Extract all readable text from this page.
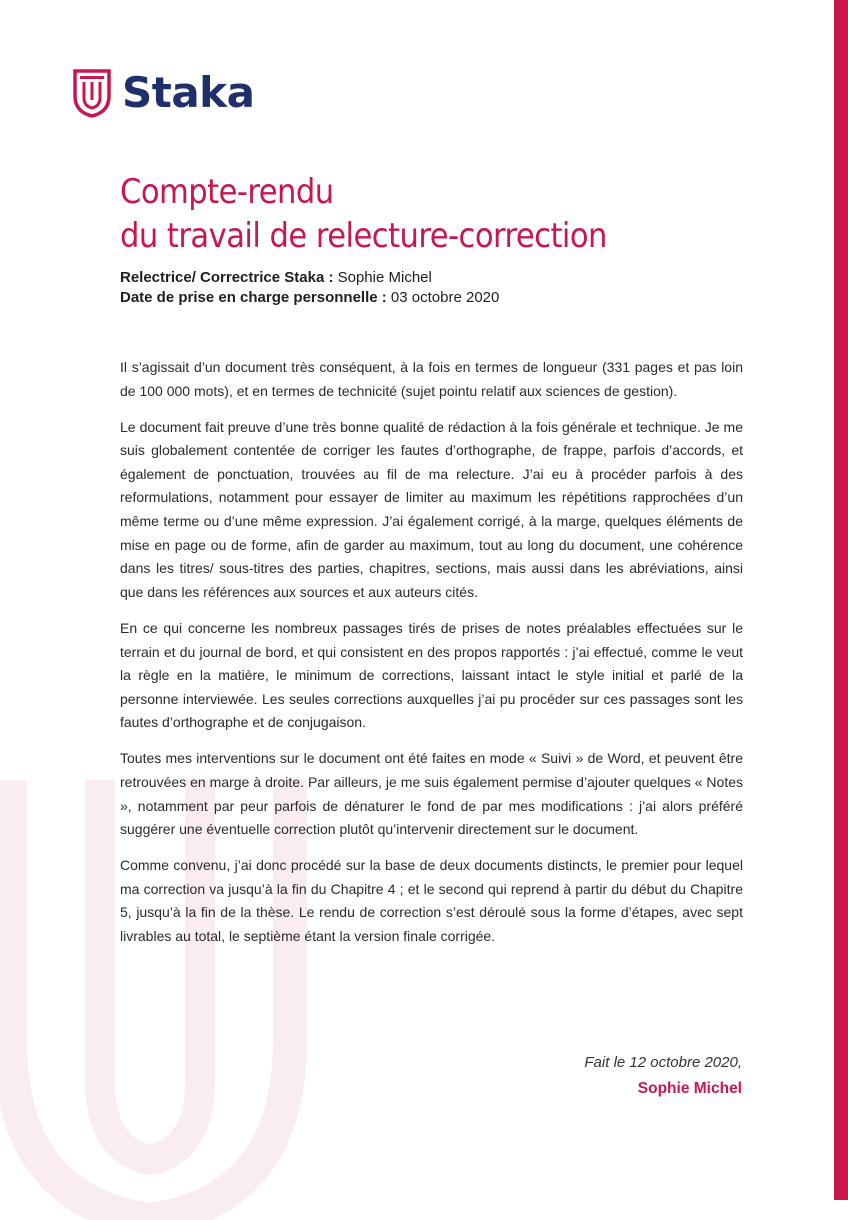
Staka
Compte-rendu
du travail de relecture-correction
Relectrice/ Correctrice Staka : Sophie Michel
Date de prise en charge personnelle : 03 octobre 2020

Il s’agissait d’un document très conséquent, à la fois en termes de longueur (331 pages et pas loin de 100 000 mots), et en termes de technicité (sujet pointu relatif aux sciences de gestion).

Le document fait preuve d’une très bonne qualité de rédaction à la fois générale et technique. Je me suis globalement contentée de corriger les fautes d’orthographe, de frappe, parfois d’accords, et également de ponctuation, trouvées au fil de ma relecture. J’ai eu à procéder parfois à des reformulations, notamment pour essayer de limiter au maximum les répétitions rapprochées d’un même terme ou d’une même expression. J’ai également corrigé, à la marge, quelques éléments de mise en page ou de forme, afin de garder au maximum, tout au long du document, une cohérence dans les titres/ sous-titres des parties, chapitres, sections, mais aussi dans les abréviations, ainsi que dans les références aux sources et aux auteurs cités.

En ce qui concerne les nombreux passages tirés de prises de notes préalables effectuées sur le terrain et du journal de bord, et qui consistent en des propos rapportés : j’ai effectué, comme le veut la règle en la matière, le minimum de corrections, laissant intact le style initial et parlé de la personne interviewée. Les seules corrections auxquelles j’ai pu procéder sur ces passages sont les fautes d’orthographe et de conjugaison.

Toutes mes interventions sur le document ont été faites en mode « Suivi » de Word, et peuvent être retrouvées en marge à droite. Par ailleurs, je me suis également permise d’ajouter quelques « Notes », notamment par peur parfois de dénaturer le fond de par mes modifications : j’ai alors préféré suggérer une éventuelle correction plutôt qu’intervenir directement sur le document.

Comme convenu, j’ai donc procédé sur la base de deux documents distincts, le premier pour lequel ma correction va jusqu’à la fin du Chapitre 4 ; et le second qui reprend à partir du début du Chapitre 5, jusqu’à la fin de la thèse. Le rendu de correction s’est déroulé sous la forme d’étapes, avec sept livrables au total, le septième étant la version finale corrigée.

Fait le 12 octobre 2020,
Sophie Michel
